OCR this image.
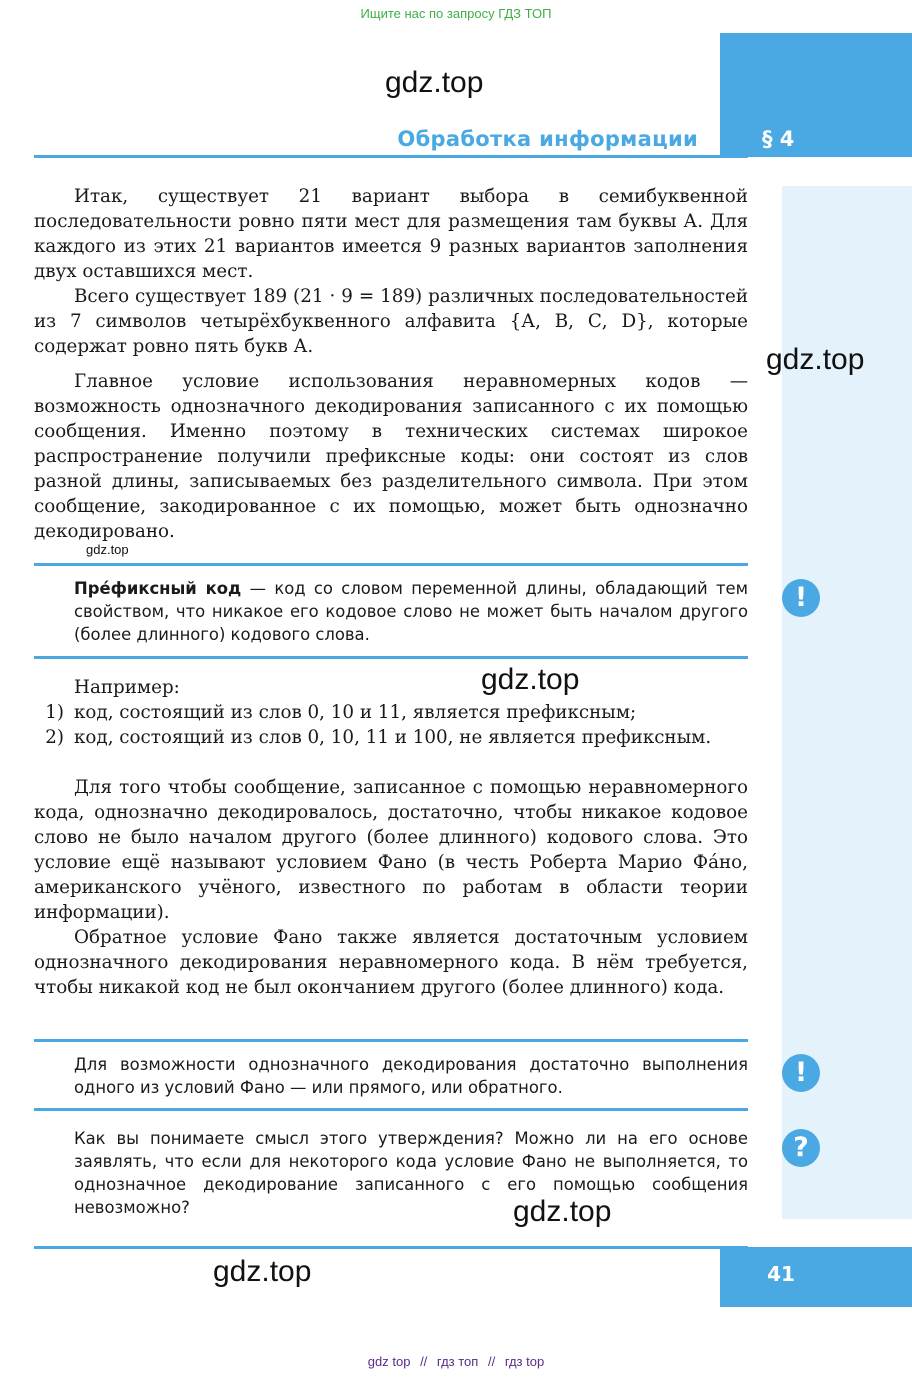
Ищите нас по запросу ГДЗ ТОП
gdz.top
Обработка информации	§ 4

Итак, существует 21 вариант выбора в семибуквенной последовательности ровно пяти мест для размещения там буквы А. Для каждого из этих 21 вариантов имеется 9 разных вариантов заполнения двух оставшихся мест.

Всего существует 189 (21 · 9 = 189) различных последовательностей из 7 символов четырёхбуквенного алфавита {А, В, С, D}, которые содержат ровно пять букв А.	gdz.top

Главное условие использования неравномерных кодов — возможность однозначного декодирования записанного с их помощью сообщения. Именно поэтому в технических системах широкое распространение получили префиксные коды: они состоят из слов разной длины, записываемых без разделительного символа. При этом сообщение, закодированное с их помощью, может быть однозначно декодировано.

gdz.top

Пре́фиксный код — код со словом переменной длины, обладающий тем свойством, что никакое его кодовое слово не может быть началом другого (более длинного) кодового слова.

!

Например:	gdz.top

1) код, состоящий из слов 0, 10 и 11, является префиксным;

2) код, состоящий из слов 0, 10, 11 и 100, не является префиксным.

Для того чтобы сообщение, записанное с помощью неравномерного кода, однозначно декодировалось, достаточно, чтобы никакое кодовое слово не было началом другого (более длинного) кодового слова. Это условие ещё называют условием Фано (в честь Роберта Марио Фáно, американского учёного, известного по работам в области теории информации).

Обратное условие Фано также является достаточным условием однозначного декодирования неравномерного кода. В нём требуется, чтобы никакой код не был окончанием другого (более длинного) кода.

Для возможности однозначного декодирования достаточно выполнения одного из условий Фано — или прямого, или обратного.	!

Как вы понимаете смысл этого утверждения? Можно ли на его основе заявлять, что если для некоторого кода условие Фано не выполняется, то однозначное декодирование записанного с его помощью сообщения невозможно?

?
gdz.top
gdz.top	41
gdz top // гдз топ // гдз top
